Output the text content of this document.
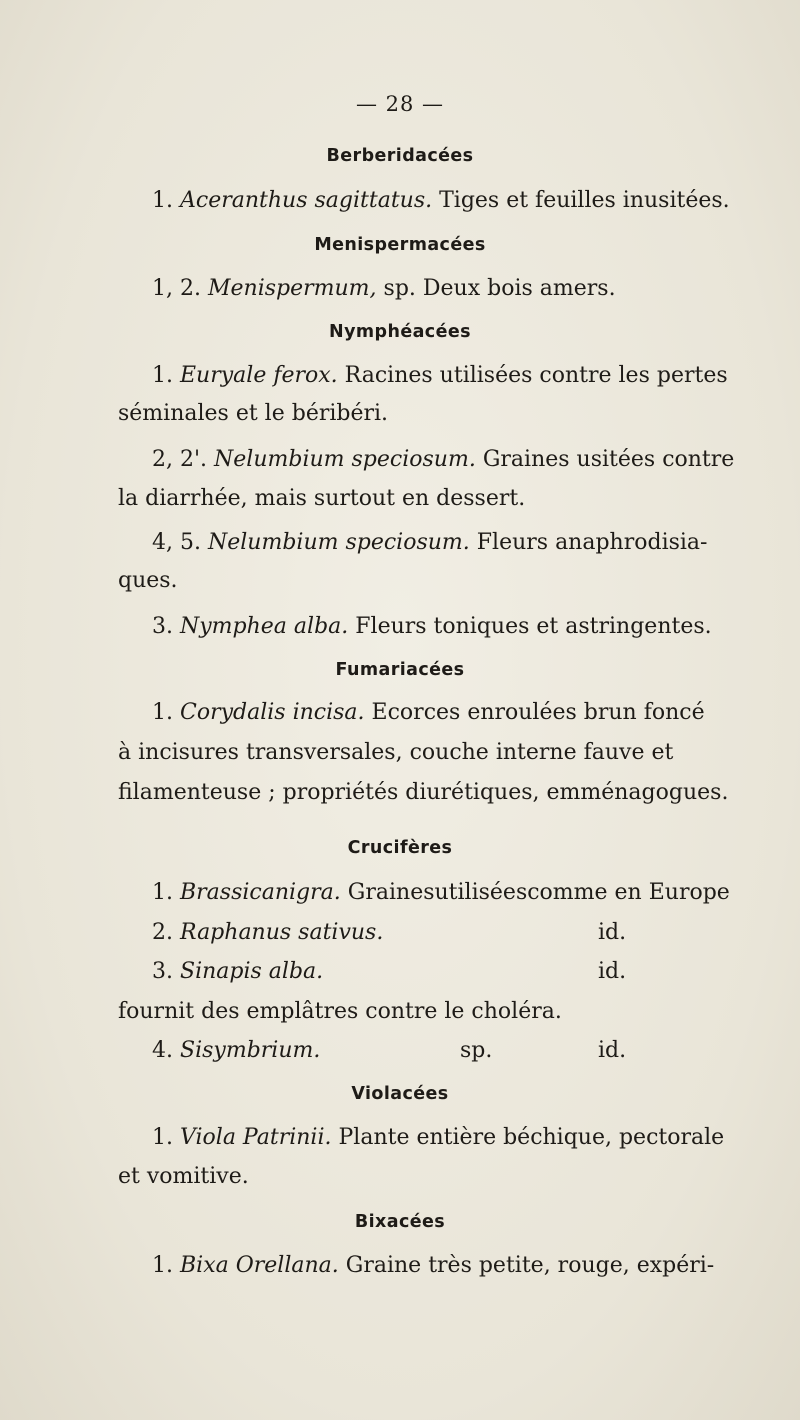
— 28 —
Berberidacées
1. Aceranthus sagittatus. Tiges et feuilles inusitées.
Menispermacées
1, 2. Menispermum, sp. Deux bois amers.
Nymphéacées
1. Euryale ferox. Racines utilisées contre les pertes
séminales et le béribéri.
2, 2'. Nelumbium speciosum. Graines usitées contre
la diarrhée, mais surtout en dessert.
4, 5. Nelumbium speciosum. Fleurs anaphrodisia-
ques.
3. Nymphea alba. Fleurs toniques et astringentes.
Fumariacées
1. Corydalis incisa. Ecorces enroulées brun foncé
à incisures transversales, couche interne fauve et
filamenteuse ; propriétés diurétiques, emménagogues.
Crucifères
1. Brassicanigra. Grainesutiliséescomme en Europe
2. Raphanus sativus.	id.
3. Sinapis alba.	id.
fournit des emplâtres contre le choléra.
4. Sisymbrium.	sp.	id.
Violacées
1. Viola Patrinii. Plante entière béchique, pectorale
et vomitive.
Bixacées
1. Bixa Orellana. Graine très petite, rouge, expéri-
